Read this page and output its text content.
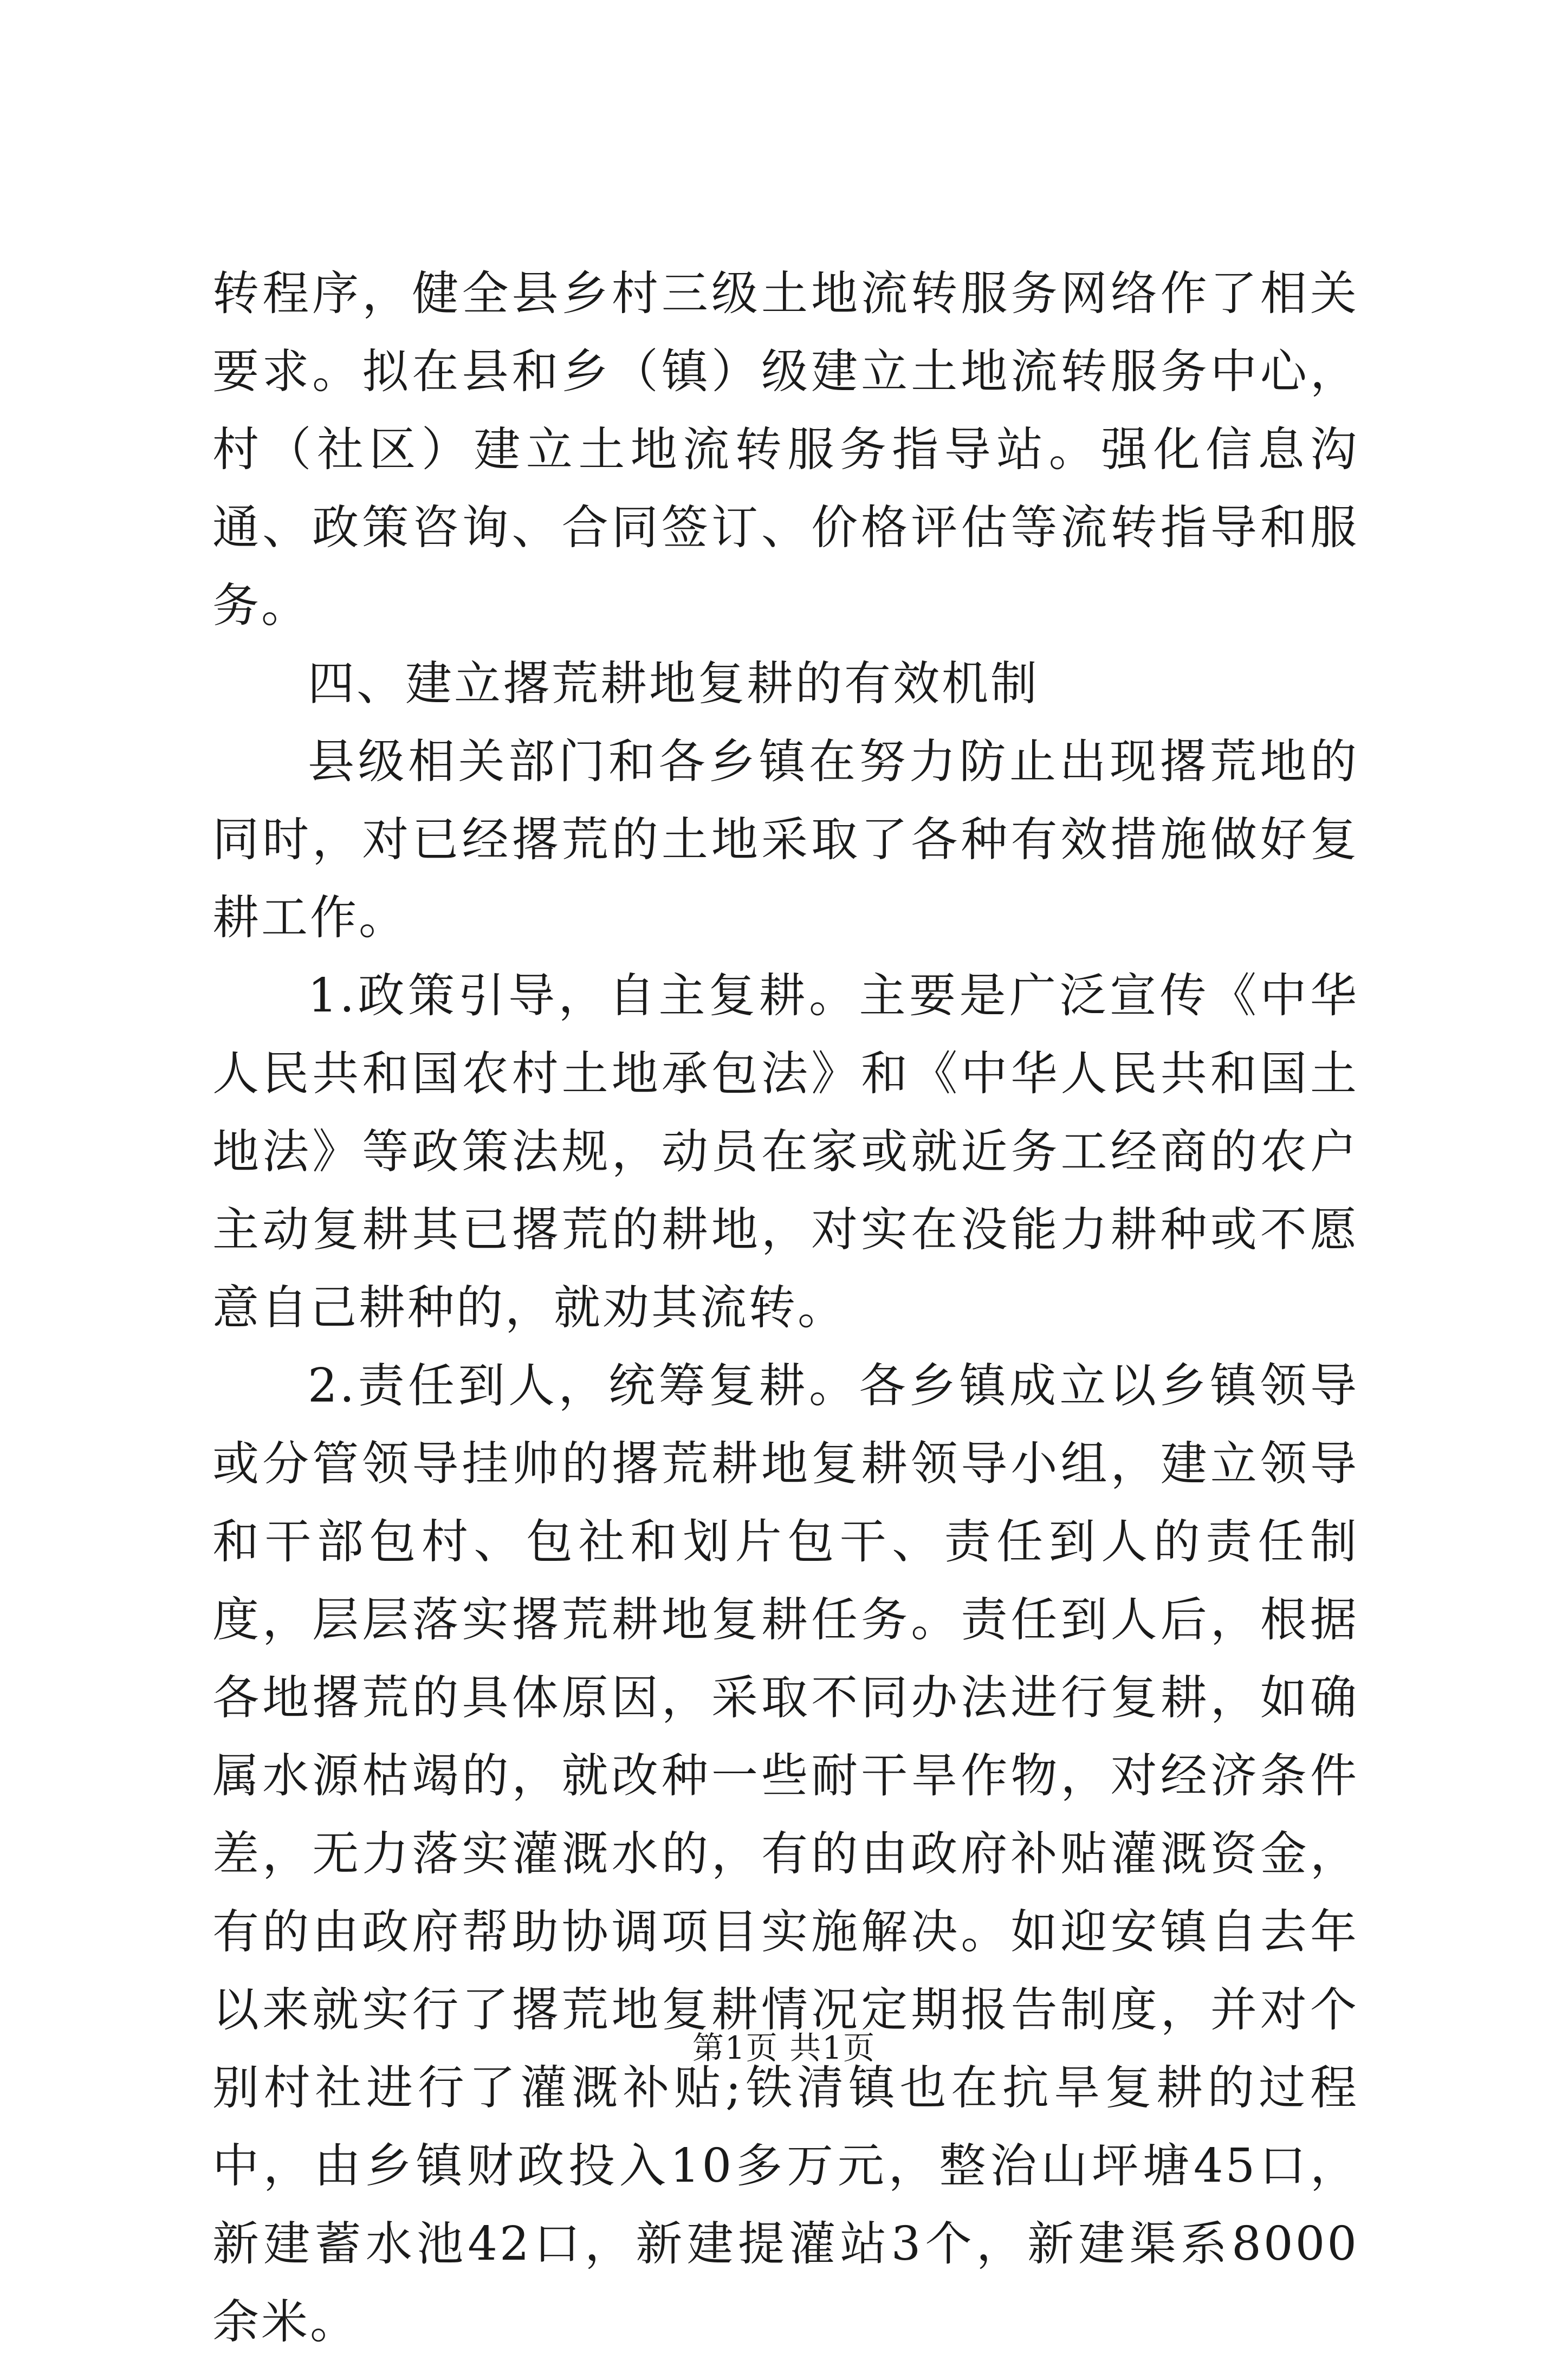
转程序，健全县乡村三级土地流转服务网络作了相关要求。拟在县和乡（镇）级建立土地流转服务中心，村（社区）建立土地流转服务指导站。强化信息沟通、政策咨询、合同签订、价格评估等流转指导和服务。

四、建立撂荒耕地复耕的有效机制

县级相关部门和各乡镇在努力防止出现撂荒地的同时，对已经撂荒的土地采取了各种有效措施做好复耕工作。

1.政策引导，自主复耕。主要是广泛宣传《中华人民共和国农村土地承包法》和《中华人民共和国土地法》等政策法规，动员在家或就近务工经商的农户主动复耕其已撂荒的耕地，对实在没能力耕种或不愿意自己耕种的，就劝其流转。

2.责任到人，统筹复耕。各乡镇成立以乡镇领导或分管领导挂帅的撂荒耕地复耕领导小组，建立领导和干部包村、包社和划片包干、责任到人的责任制度，层层落实撂荒耕地复耕任务。责任到人后，根据各地撂荒的具体原因，采取不同办法进行复耕，如确属水源枯竭的，就改种一些耐干旱作物，对经济条件差，无力落实灌溉水的，有的由政府补贴灌溉资金，有的由政府帮助协调项目实施解决。如迎安镇自去年以来就实行了撂荒地复耕情况定期报告制度，并对个别村社进行了灌溉补贴;铁清镇也在抗旱复耕的过程中，由乡镇财政投入10多万元，整治山坪塘45口，新建蓄水池42口，新建提灌站3个，新建渠系8000余米。

第1页 共1页
